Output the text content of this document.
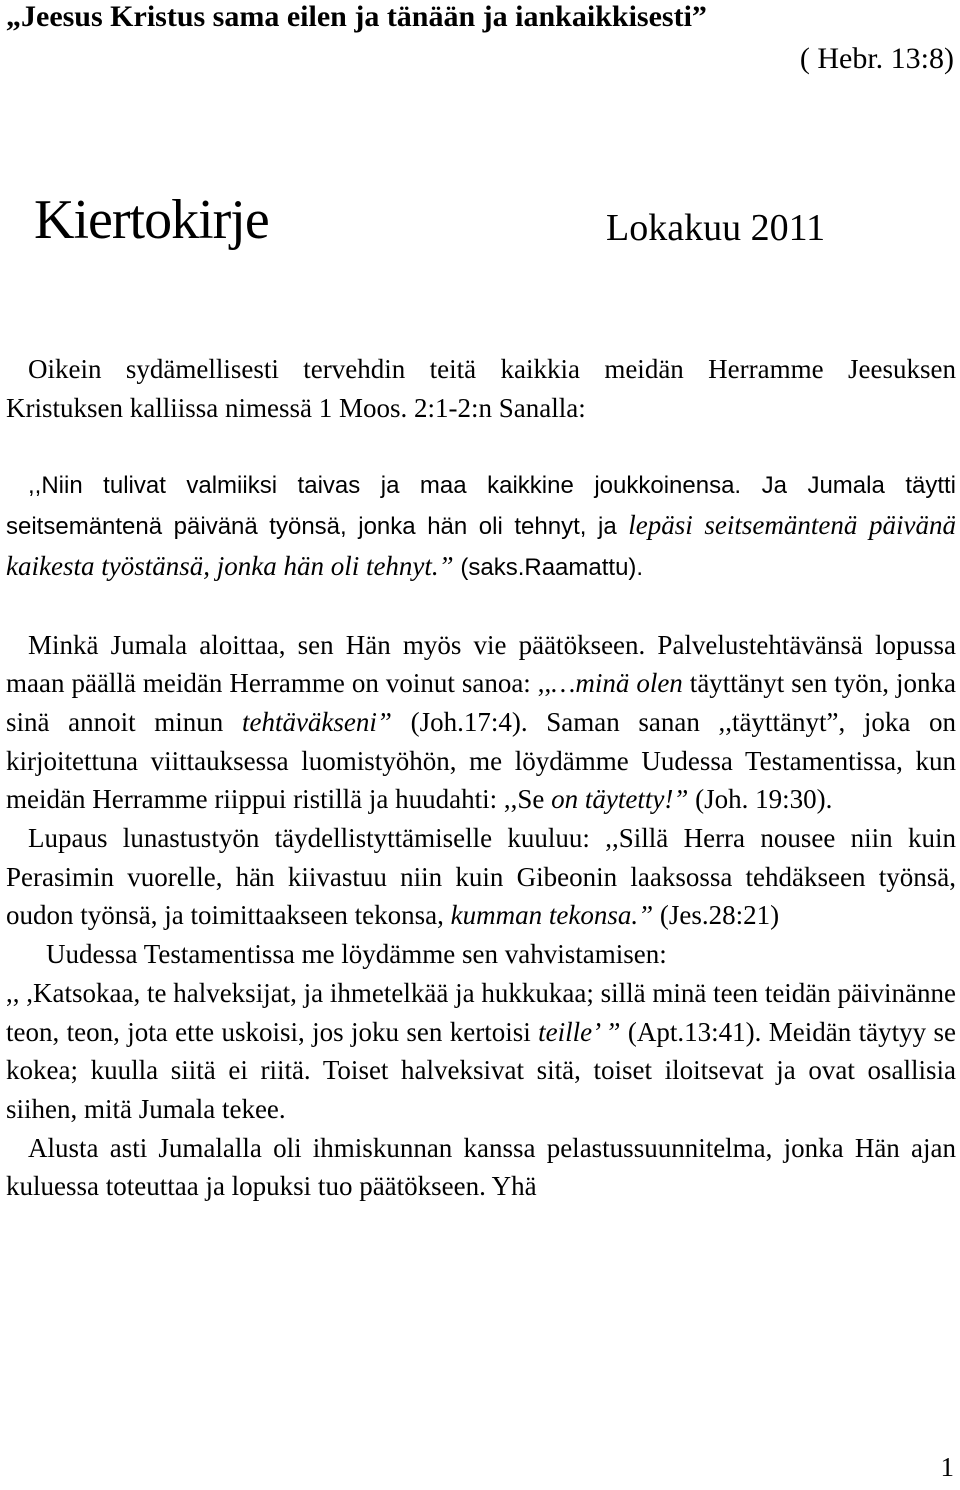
„Jeesus Kristus sama eilen ja tänään ja iankaikkisesti”
( Hebr. 13:8)
Kiertokirje	Lokakuu 2011

Oikein sydämellisesti tervehdin teitä kaikkia meidän Herramme Jeesuksen Kristuksen kalliissa nimessä 1 Moos. 2:1-2:n Sanalla:

,,Niin tulivat valmiiksi taivas ja maa kaikkine joukkoinensa. Ja Jumala täytti seitsemäntenä päivänä työnsä, jonka hän oli tehnyt, ja lepäsi seitsemäntenä päivänä kaikesta työstänsä, jonka hän oli tehnyt.” (saks.Raamattu).

Minkä Jumala aloittaa, sen Hän myös vie päätökseen. Palvelustehtävänsä lopussa maan päällä meidän Herramme on voinut sanoa: ,,…minä olen täyttänyt sen työn, jonka sinä annoit minun tehtäväkseni” (Joh.17:4). Saman sanan ,,täyttänyt”, joka on kirjoitettuna viittauksessa luomistyöhön, me löydämme Uudessa Testamentissa, kun meidän Herramme riippui ristillä ja huudahti: ,,Se on täytetty!” (Joh. 19:30).

Lupaus lunastustyön täydellistyttämiselle kuuluu: ,,Sillä Herra nousee niin kuin Perasimin vuorelle, hän kiivastuu niin kuin Gibeonin laaksossa tehdäkseen työnsä, oudon työnsä, ja toimittaakseen tekonsa, kumman tekonsa.” (Jes.28:21)

Uudessa Testamentissa me löydämme sen vahvistamisen:

,, ,Katsokaa, te halveksijat, ja ihmetelkää ja hukkukaa; sillä minä teen teidän päivinänne teon, teon, jota ette uskoisi, jos joku sen kertoisi teille’ ” (Apt.13:41). Meidän täytyy se kokea; kuulla siitä ei riitä. Toiset halveksivat sitä, toiset iloitsevat ja ovat osallisia siihen, mitä Jumala tekee.

Alusta asti Jumalalla oli ihmiskunnan kanssa pelastussuunnitelma, jonka Hän ajan kuluessa toteuttaa ja lopuksi tuo päätökseen. Yhä

1
